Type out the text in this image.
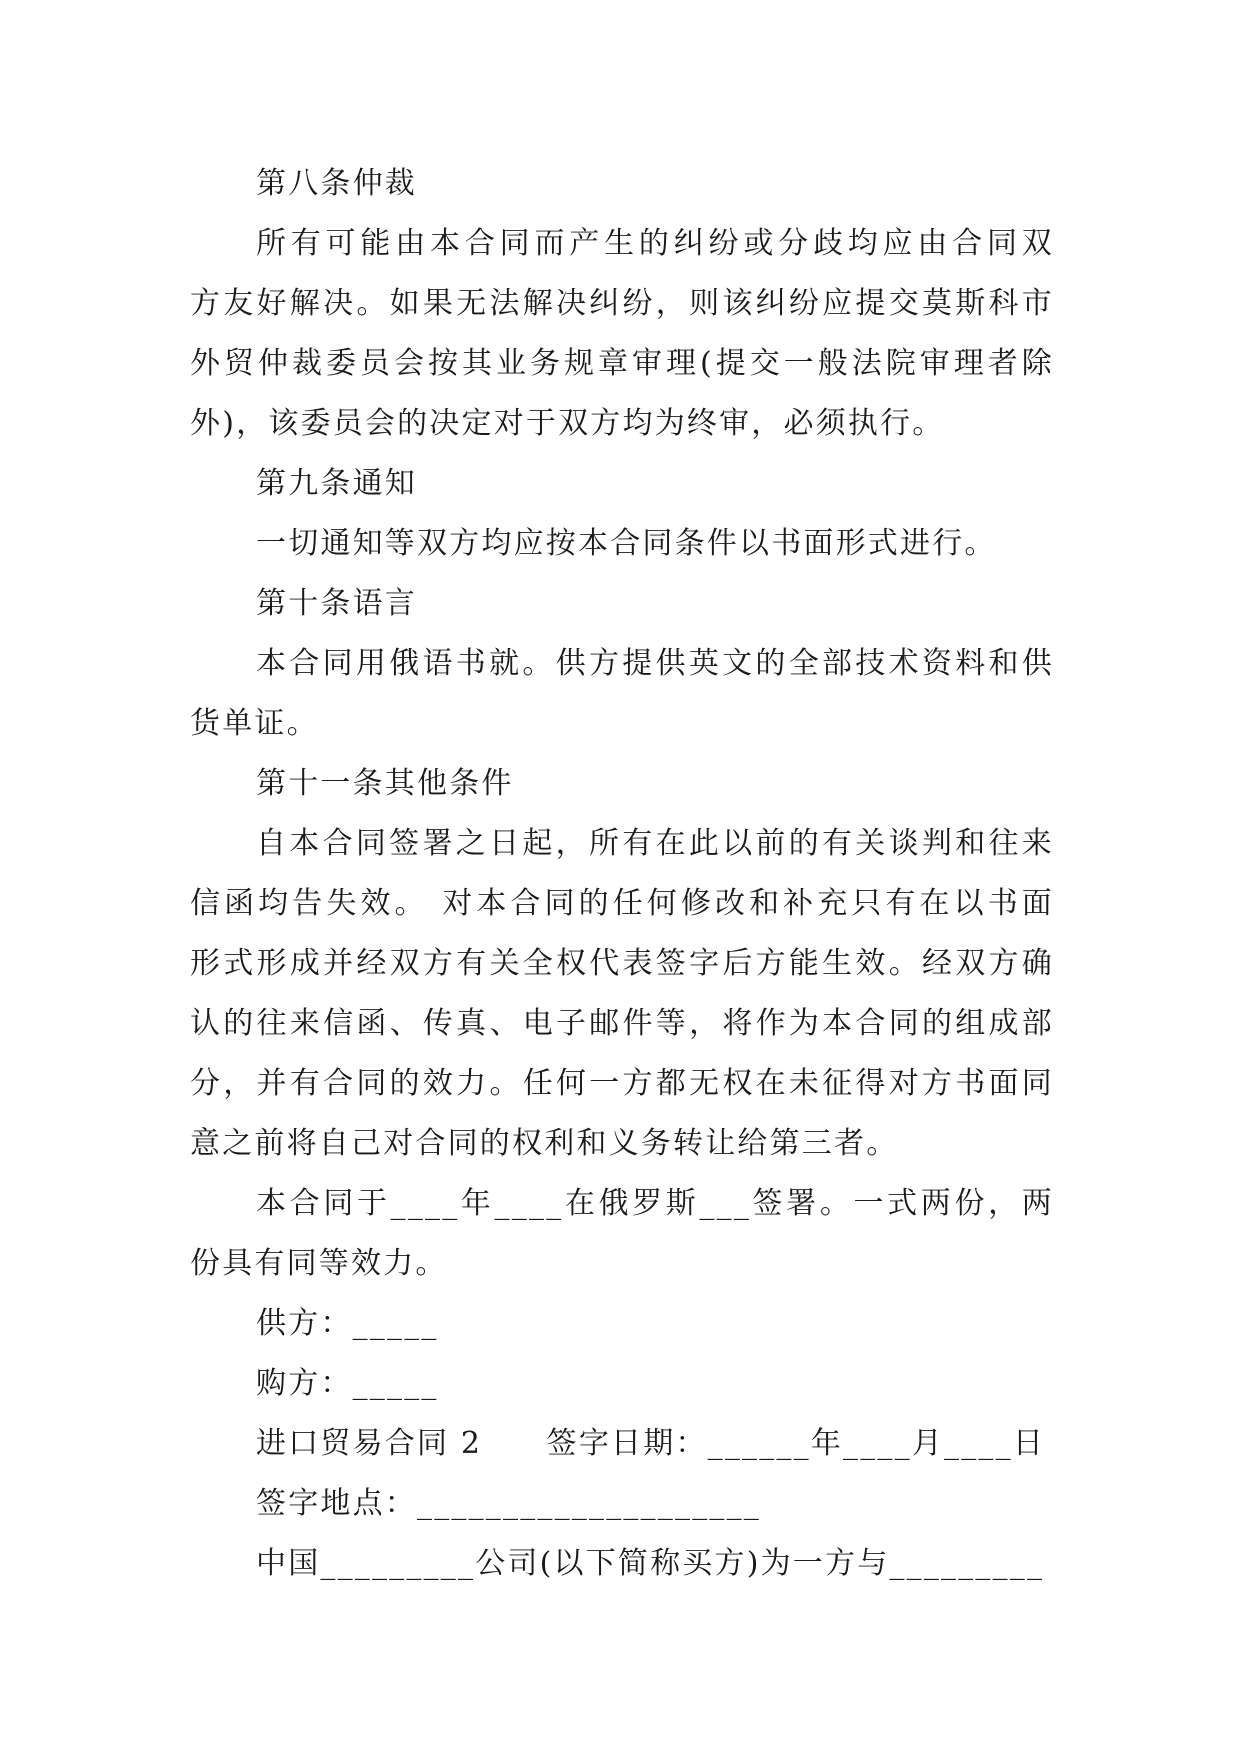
第八条仲裁
所有可能由本合同而产生的纠纷或分歧均应由合同双
方友好解决。如果无法解决纠纷，则该纠纷应提交莫斯科市
外贸仲裁委员会按其业务规章审理(提交一般法院审理者除
外)，该委员会的决定对于双方均为终审，必须执行。
第九条通知
一切通知等双方均应按本合同条件以书面形式进行。
第十条语言
本合同用俄语书就。供方提供英文的全部技术资料和供
货单证。
第十一条其他条件
自本合同签署之日起，所有在此以前的有关谈判和往来
信函均告失效。 对本合同的任何修改和补充只有在以书面
形式形成并经双方有关全权代表签字后方能生效。经双方确
认的往来信函、传真、电子邮件等，将作为本合同的组成部
分，并有合同的效力。任何一方都无权在未征得对方书面同
意之前将自己对合同的权利和义务转让给第三者。
本合同于____年____在俄罗斯___签署。一式两份，两
份具有同等效力。
供方：_____
购方：_____
进口贸易合同 2　　签字日期：______年____月____日
签字地点：____________________
中国_________公司(以下简称买方)为一方与_________
